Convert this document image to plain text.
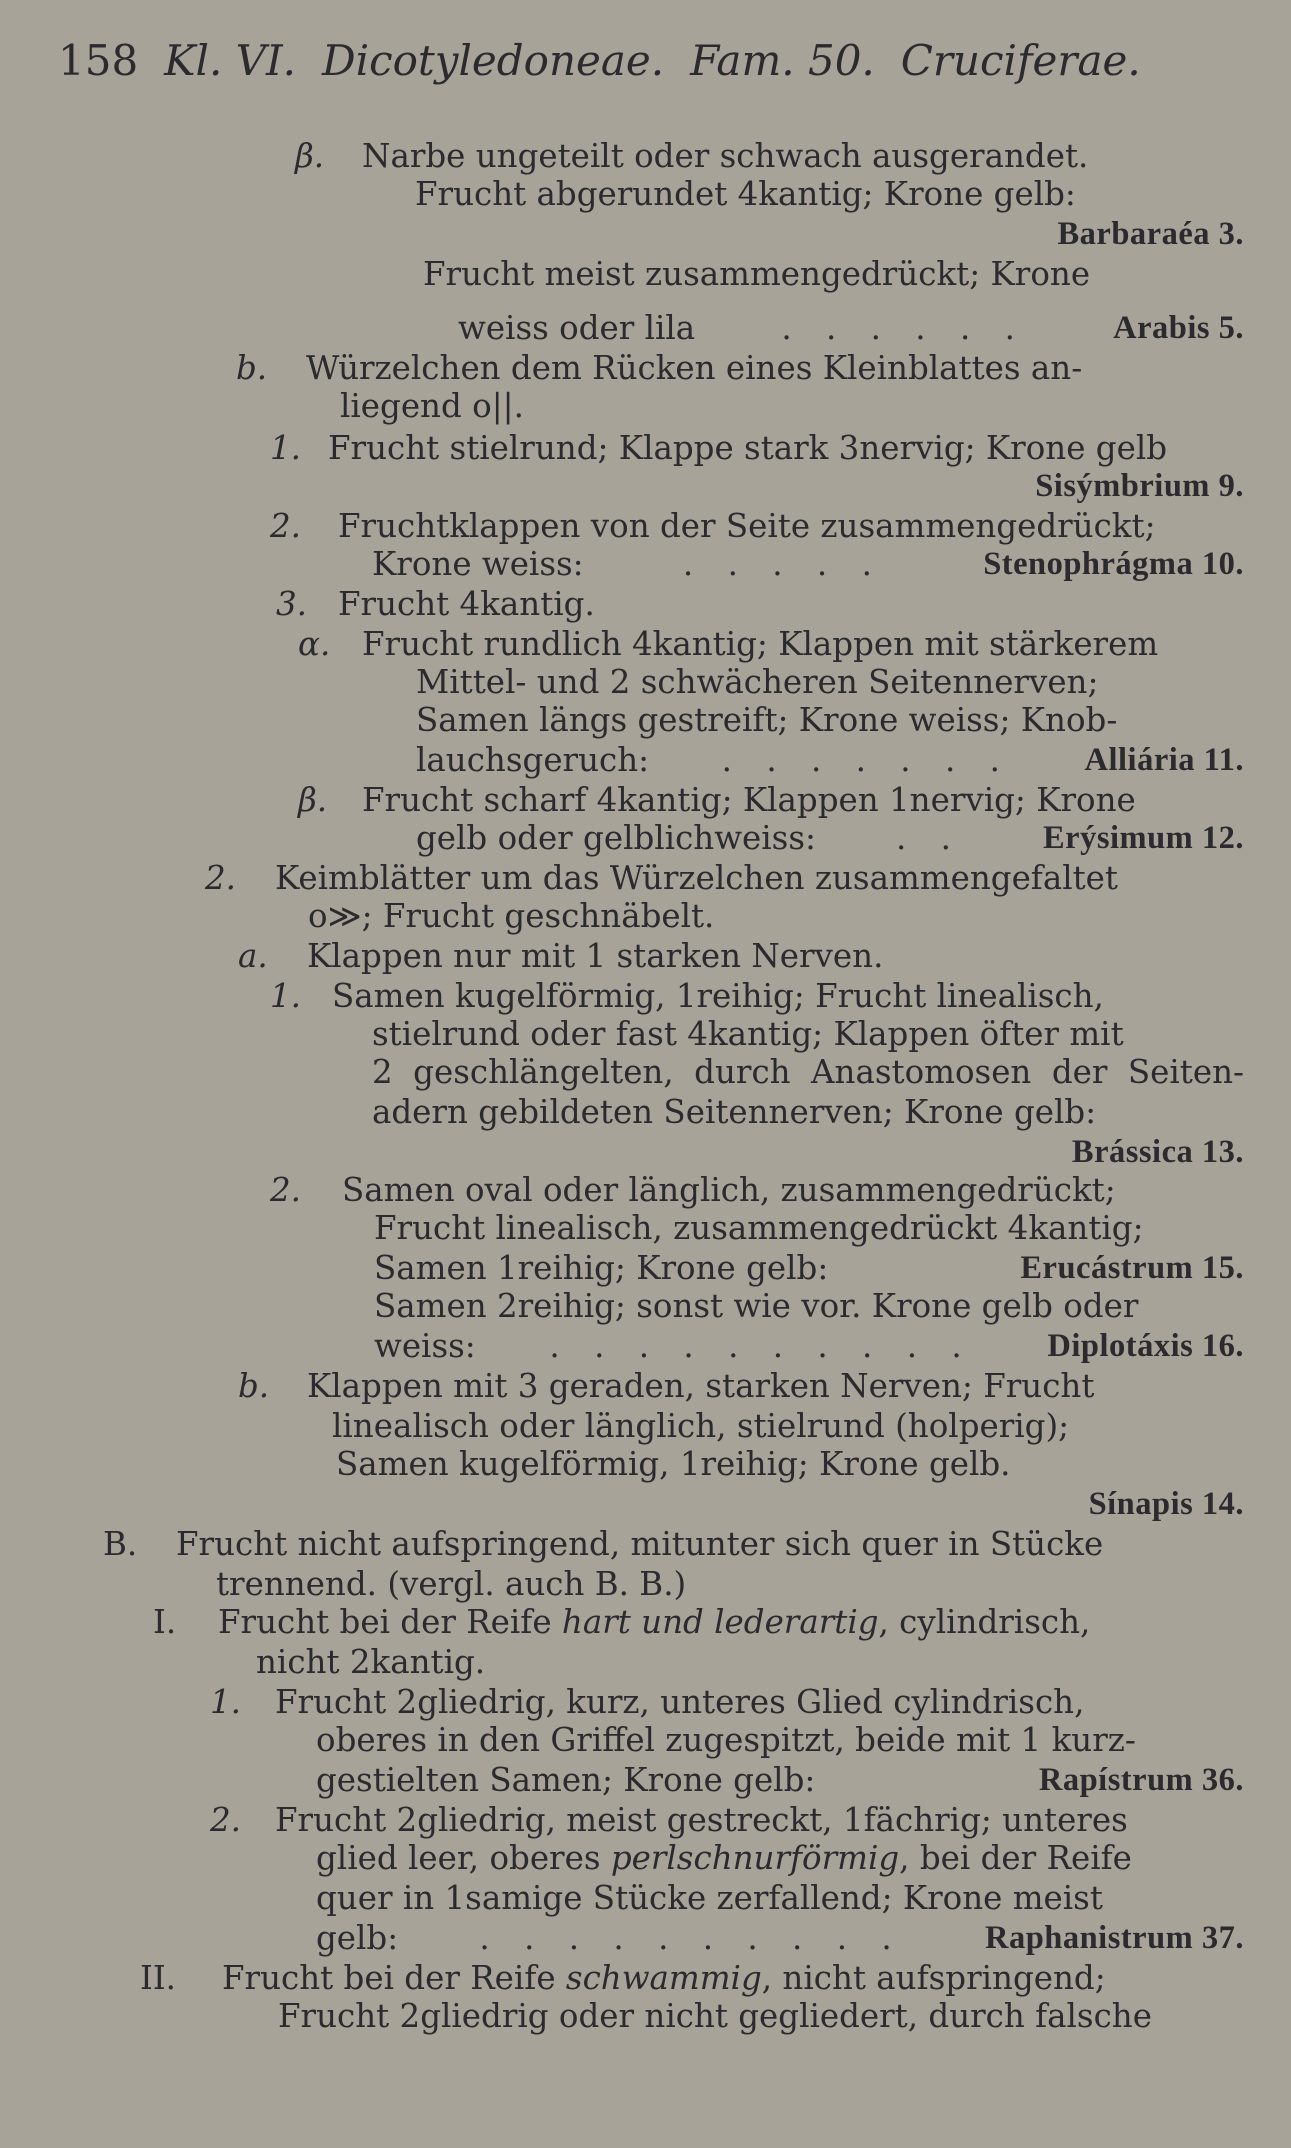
158 Kl. VI. Dicotyledoneae. Fam. 50. Cruciferae.
β. Narbe ungeteilt oder schwach ausgerandet.
Frucht abgerundet 4kantig; Krone gelb:
Barbaraéa 3.
Frucht meist zusammengedrückt; Krone
weiss oder lila	. . . . . .	Arabis 5.
b. Würzelchen dem Rücken eines Kleinblattes an-
liegend o||.
1. Frucht stielrund; Klappe stark 3nervig; Krone gelb
Sisýmbrium 9.
2. Fruchtklappen von der Seite zusammengedrückt;
Krone weiss:	. . . . .	Stenophrágma 10.
3. Frucht 4kantig.
α. Frucht rundlich 4kantig; Klappen mit stärkerem
Mittel- und 2 schwächeren Seitennerven;
Samen längs gestreift; Krone weiss; Knob-
lauchsgeruch: . . . . . . . Alliária 11.
β. Frucht scharf 4kantig; Klappen 1nervig; Krone
gelb oder gelblichweiss: . . Erýsimum 12.
2. Keimblätter um das Würzelchen zusammengefaltet
o≫; Frucht geschnäbelt.
a. Klappen nur mit 1 starken Nerven.
1. Samen kugelförmig, 1reihig; Frucht linealisch,
stielrund oder fast 4kantig; Klappen öfter mit
2 geschlängelten, durch Anastomosen der Seiten-
adern gebildeten Seitennerven; Krone gelb:
Brássica 13.
2. Samen oval oder länglich, zusammengedrückt;
Frucht linealisch, zusammengedrückt 4kantig;
Samen 1reihig; Krone gelb:	Erucástrum 15.
Samen 2reihig; sonst wie vor. Krone gelb oder
weiss: . . . . . . . . . . Diplotáxis 16.
b. Klappen mit 3 geraden, starken Nerven; Frucht
linealisch oder länglich, stielrund (holperig);
Samen kugelförmig, 1reihig; Krone gelb.
Sínapis 14.
B. Frucht nicht aufspringend, mitunter sich quer in Stücke
trennend. (vergl. auch B. B.)
I. Frucht bei der Reife hart und lederartig, cylindrisch,
nicht 2kantig.
1. Frucht 2gliedrig, kurz, unteres Glied cylindrisch,
oberes in den Griffel zugespitzt, beide mit 1 kurz-
gestielten Samen; Krone gelb:	Rapístrum 36.
2. Frucht 2gliedrig, meist gestreckt, 1fächrig; unteres
glied leer, oberes perlschnurförmig, bei der Reife
quer in 1samige Stücke zerfallend; Krone meist
gelb: . . . . . . . . . .	Raphanistrum 37.
II. Frucht bei der Reife schwammig, nicht aufspringend;
Frucht 2gliedrig oder nicht gegliedert, durch falsche
